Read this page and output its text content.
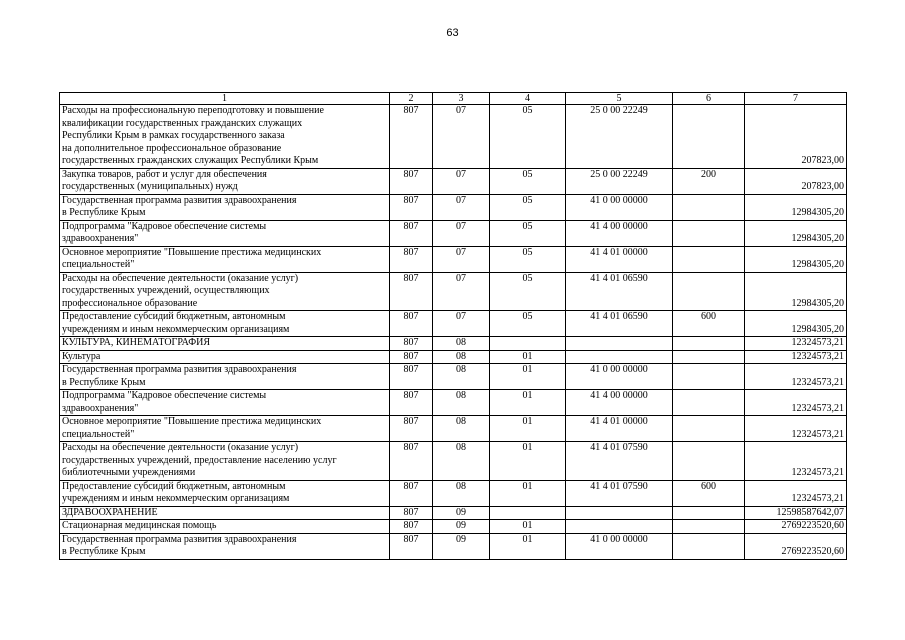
63
1	2	3	4	5	6	7

Расходы на профессиональную переподготовку и повышение
квалификации государственных гражданских служащих
Республики Крым в рамках государственного заказа
на дополнительное профессиональное образование
государственных гражданских служащих Республики Крым	807	07	05	25 0 00 22249		207823,00

Закупка товаров, работ и услуг для обеспечения
государственных (муниципальных) нужд	807	07	05	25 0 00 22249	200	207823,00

Государственная программа развития здравоохранения
в Республике Крым	807	07	05	41 0 00 00000		12984305,20

Подпрограмма "Кадровое обеспечение системы
здравоохранения"	807	07	05	41 4 00 00000		12984305,20

Основное мероприятие "Повышение престижа медицинских
специальностей"	807	07	05	41 4 01 00000		12984305,20

Расходы на обеспечение деятельности (оказание услуг)
государственных учреждений, осуществляющих
профессиональное образование	807	07	05	41 4 01 06590		12984305,20

Предоставление субсидий бюджетным, автономным
учреждениям и иным некоммерческим организациям	807	07	05	41 4 01 06590	600	12984305,20

КУЛЬТУРА, КИНЕМАТОГРАФИЯ	807	08				12324573,21

Культура	807	08	01			12324573,21

Государственная программа развития здравоохранения
в Республике Крым	807	08	01	41 0 00 00000		12324573,21

Подпрограмма "Кадровое обеспечение системы
здравоохранения"	807	08	01	41 4 00 00000		12324573,21

Основное мероприятие "Повышение престижа медицинских
специальностей"	807	08	01	41 4 01 00000		12324573,21

Расходы на обеспечение деятельности (оказание услуг)
государственных учреждений, предоставление населению услуг
библиотечными учреждениями	807	08	01	41 4 01 07590		12324573,21

Предоставление субсидий бюджетным, автономным
учреждениям и иным некоммерческим организациям	807	08	01	41 4 01 07590	600	12324573,21

ЗДРАВООХРАНЕНИЕ	807	09				12598587642,07

Стационарная медицинская помощь	807	09	01			2769223520,60

Государственная программа развития здравоохранения
в Республике Крым	807	09	01	41 0 00 00000		2769223520,60
